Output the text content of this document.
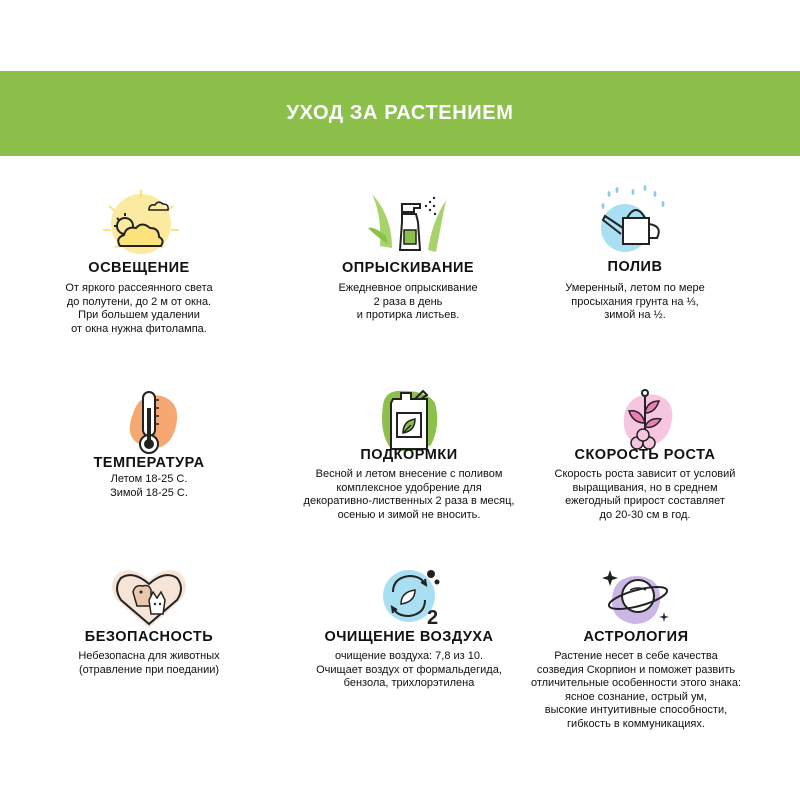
УХОД ЗА РАСТЕНИЕМ
ОСВЕЩЕНИЕ
От яркого рассеянного света
до полутени, до 2 м от окна.
При большем удалении
от окна нужна фитолампа.
ОПРЫСКИВАНИЕ
Ежедневное опрыскивание
2 раза в день
и протирка листьев.
ПОЛИВ
Умеренный, летом по мере
просыхания грунта на ⅓,
зимой на ½.
ТЕМПЕРАТУРА
Летом 18-25 С.
Зимой 18-25 С.
ПОДКОРМКИ
Весной и летом внесение с поливом
комплексное удобрение для
декоративно-лиственных 2 раза в месяц,
осенью и зимой не вносить.
СКОРОСТЬ РОСТА
Скорость роста зависит от условий
выращивания, но в среднем
ежегодный прирост составляет
до 20-30 см в год.
БЕЗОПАСНОСТЬ
Небезопасна для животных
(отравление при поедании)
2
ОЧИЩЕНИЕ ВОЗДУХА
очищение воздуха: 7,8 из 10.
Очищает воздух от формальдегида,
бензола, трихлорэтилена
АСТРОЛОГИЯ
Растение несет в себе качества
созведия Скорпион и поможет развить
отличительные особенности этого знака:
ясное сознание, острый ум,
высокие интуитивные способности,
гибкость в коммуникациях.
